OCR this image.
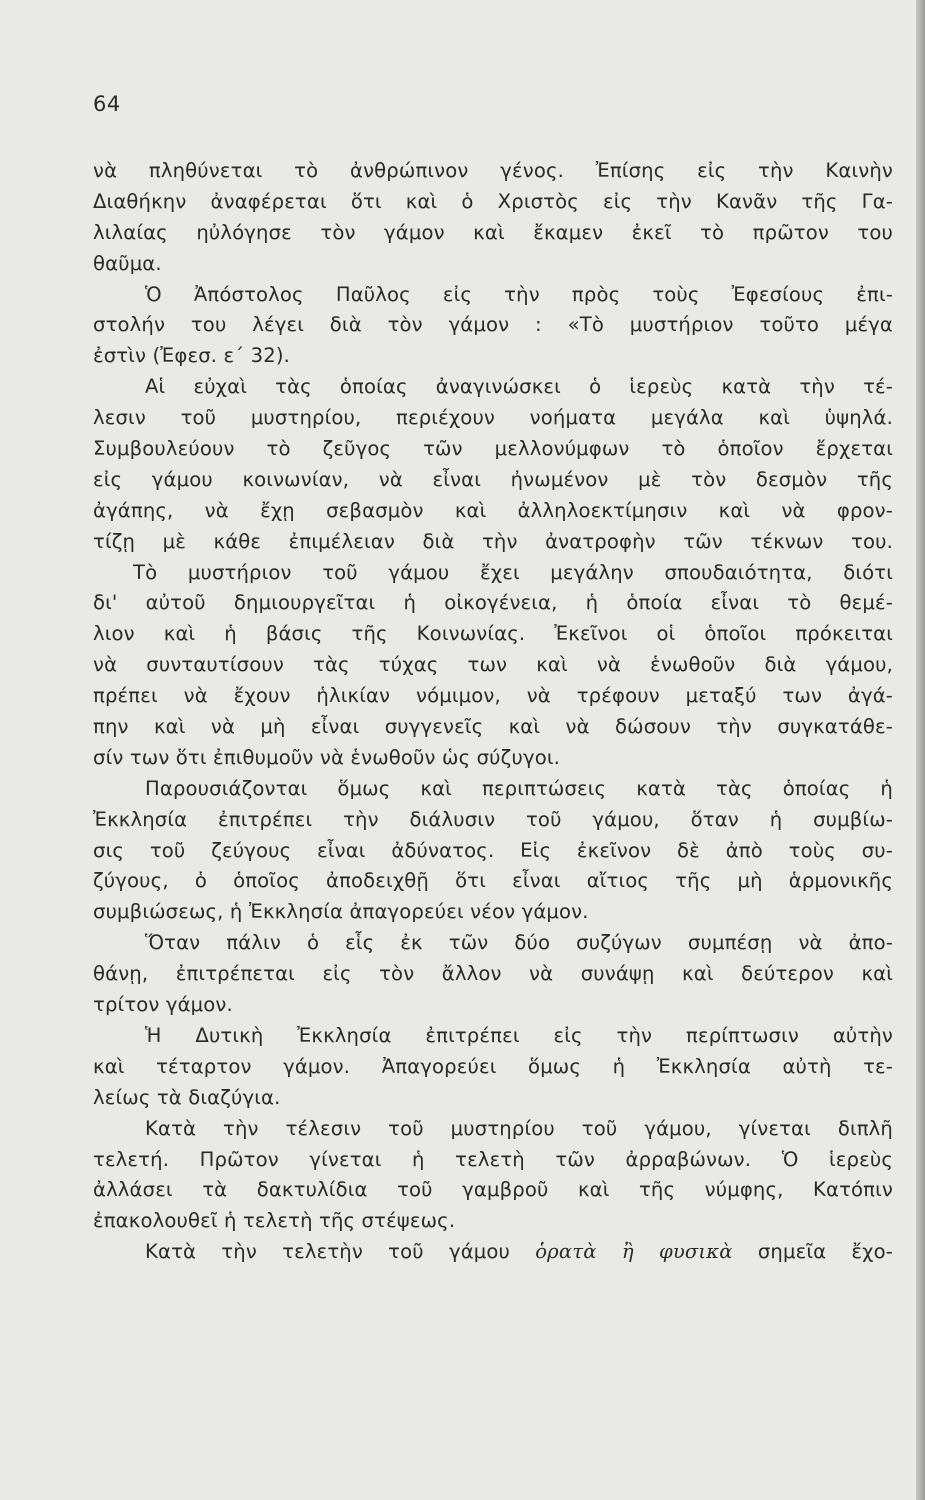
64
νὰ πληθύνεται τὸ ἀνθρώπινον γένος. Ἐπίσης εἰς τὴν Καινὴν
Διαθήκην ἀναφέρεται ὅτι καὶ ὁ Χριστὸς εἰς τὴν Κανᾶν τῆς Γα-
λιλαίας ηὐλόγησε τὸν γάμον καὶ ἔκαμεν ἐκεῖ τὸ πρῶτον του
θαῦμα.
Ὁ Ἀπόστολος Παῦλος εἰς τὴν πρὸς τοὺς Ἐφεσίους ἐπι-
στολήν του λέγει διὰ τὸν γάμον : «Τὸ μυστήριον τοῦτο μέγα
ἐστὶν (Ἐφεσ. ε΄ 32).
Αἱ εὐχαὶ τὰς ὁποίας ἀναγινώσκει ὁ ἱερεὺς κατὰ τὴν τέ-
λεσιν τοῦ μυστηρίου, περιέχουν νοήματα μεγάλα καὶ ὑψηλά.
Συμβουλεύουν τὸ ζεῦγος τῶν μελλονύμφων τὸ ὁποῖον ἔρχεται
εἰς γάμου κοινωνίαν, νὰ εἶναι ἠνωμένον μὲ τὸν δεσμὸν τῆς
ἀγάπης, νὰ ἔχῃ σεβασμὸν καὶ ἀλληλοεκτίμησιν καὶ νὰ φρον-
τίζῃ μὲ κάθε ἐπιμέλειαν διὰ τὴν ἀνατροφὴν τῶν τέκνων του.
Τὸ μυστήριον τοῦ γάμου ἔχει μεγάλην σπουδαιότητα, διότι
δι' αὐτοῦ δημιουργεῖται ἡ οἰκογένεια, ἡ ὁποία εἶναι τὸ θεμέ-
λιον καὶ ἡ βάσις τῆς Κοινωνίας. Ἐκεῖνοι οἱ ὁποῖοι πρόκειται
νὰ συνταυτίσουν τὰς τύχας των καὶ νὰ ἑνωθοῦν διὰ γάμου,
πρέπει νὰ ἔχουν ἡλικίαν νόμιμον, νὰ τρέφουν μεταξύ των ἀγά-
πην καὶ νὰ μὴ εἶναι συγγενεῖς καὶ νὰ δώσουν τὴν συγκατάθε-
σίν των ὅτι ἐπιθυμοῦν νὰ ἑνωθοῦν ὡς σύζυγοι.
Παρουσιάζονται ὅμως καὶ περιπτώσεις κατὰ τὰς ὁποίας ἡ
Ἐκκλησία ἐπιτρέπει τὴν διάλυσιν τοῦ γάμου, ὅταν ἡ συμβίω-
σις τοῦ ζεύγους εἶναι ἀδύνατος. Εἰς ἐκεῖνον δὲ ἀπὸ τοὺς συ-
ζύγους, ὁ ὁποῖος ἀποδειχθῇ ὅτι εἶναι αἴτιος τῆς μὴ ἁρμονικῆς
συμβιώσεως, ἡ Ἐκκλησία ἀπαγορεύει νέον γάμον.
Ὅταν πάλιν ὁ εἷς ἐκ τῶν δύο συζύγων συμπέσῃ νὰ ἀπο-
θάνῃ, ἐπιτρέπεται εἰς τὸν ἄλλον νὰ συνάψῃ καὶ δεύτερον καὶ
τρίτον γάμον.
Ἡ Δυτικὴ Ἐκκλησία ἐπιτρέπει εἰς τὴν περίπτωσιν αὐτὴν
καὶ τέταρτον γάμον. Ἀπαγορεύει ὅμως ἡ Ἐκκλησία αὐτὴ τε-
λείως τὰ διαζύγια.
Κατὰ τὴν τέλεσιν τοῦ μυστηρίου τοῦ γάμου, γίνεται διπλῆ
τελετή. Πρῶτον γίνεται ἡ τελετὴ τῶν ἀρραβώνων. Ὁ ἱερεὺς
ἀλλάσει τὰ δακτυλίδια τοῦ γαμβροῦ καὶ τῆς νύμφης, Κατόπιν
ἐπακολουθεῖ ἡ τελετὴ τῆς στέψεως.
Κατὰ τὴν τελετὴν τοῦ γάμου ὁρατὰ ἢ φυσικὰ σημεῖα ἔχο-
